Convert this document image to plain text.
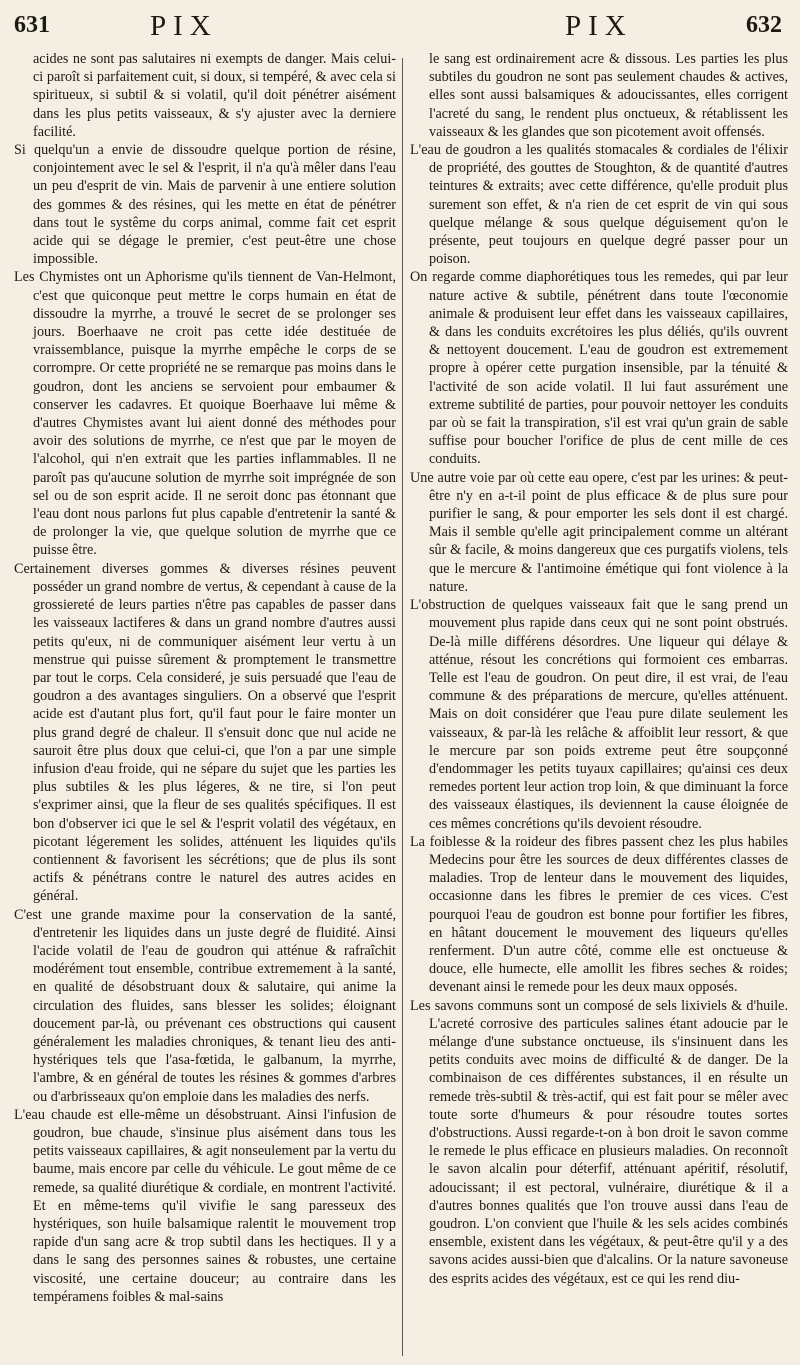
631	PIX	PIX	632

acides ne sont pas salutaires ni exempts de danger. Mais celui-ci paroît si parfaitement cuit, si doux, si tempéré, & avec cela si spiritueux, si subtil & si volatil, qu'il doit pénétrer aisément dans les plus petits vaisseaux, & s'y ajuster avec la derniere facilité.

Si quelqu'un a envie de dissoudre quelque portion de résine, conjointement avec le sel & l'esprit, il n'a qu'à mêler dans l'eau un peu d'esprit de vin. Mais de parvenir à une entiere solution des gommes & des résines, qui les mette en état de pénétrer dans tout le systême du corps animal, comme fait cet esprit acide qui se dégage le premier, c'est peut-être une chose impossible.

Les Chymistes ont un Aphorisme qu'ils tiennent de Van-Helmont, c'est que quiconque peut mettre le corps humain en état de dissoudre la myrrhe, a trouvé le secret de se prolonger ses jours. Boerhaave ne croit pas cette idée destituée de vraissemblance, puisque la myrrhe empêche le corps de se corrompre. Or cette propriété ne se remarque pas moins dans le goudron, dont les anciens se servoient pour embaumer & conserver les cadavres. Et quoique Boerhaave lui même & d'autres Chymistes avant lui aient donné des méthodes pour avoir des solutions de myrrhe, ce n'est que par le moyen de l'alcohol, qui n'en extrait que les parties inflammables. Il ne paroît pas qu'aucune solution de myrrhe soit imprégnée de son sel ou de son esprit acide. Il ne seroit donc pas étonnant que l'eau dont nous parlons fut plus capable d'entretenir la santé & de prolonger la vie, que quelque solution de myrrhe que ce puisse être.

Certainement diverses gommes & diverses résines peuvent posséder un grand nombre de vertus, & cependant à cause de la grossiereté de leurs parties n'être pas capables de passer dans les vaisseaux lactiferes & dans un grand nombre d'autres aussi petits qu'eux, ni de communiquer aisément leur vertu à un menstrue qui puisse sûrement & promptement le transmettre par tout le corps. Cela consideré, je suis persuadé que l'eau de goudron a des avantages singuliers. On a observé que l'esprit acide est d'autant plus fort, qu'il faut pour le faire monter un plus grand degré de chaleur. Il s'ensuit donc que nul acide ne sauroit être plus doux que celui-ci, que l'on a par une simple infusion d'eau froide, qui ne sépare du sujet que les parties les plus subtiles & les plus légeres, & ne tire, si l'on peut s'exprimer ainsi, que la fleur de ses qualités spécifiques. Il est bon d'observer ici que le sel & l'esprit volatil des végétaux, en picotant légerement les solides, atténuent les liquides qu'ils contiennent & favorisent les sécrétions; que de plus ils sont actifs & pénétrans contre le naturel des autres acides en général.

C'est une grande maxime pour la conservation de la santé, d'entretenir les liquides dans un juste degré de fluidité. Ainsi l'acide volatil de l'eau de goudron qui atténue & rafraîchit modérément tout ensemble, contribue extremement à la santé, en qualité de désobstruant doux & salutaire, qui anime la circulation des fluides, sans blesser les solides; éloignant doucement par-là, ou prévenant ces obstructions qui causent généralement les maladies chroniques, & tenant lieu des anti-hystériques tels que l'asa-fœtida, le galbanum, la myrrhe, l'ambre, & en général de toutes les résines & gommes d'arbres ou d'arbrisseaux qu'on emploie dans les maladies des nerfs.

L'eau chaude est elle-même un désobstruant. Ainsi l'infusion de goudron, bue chaude, s'insinue plus aisément dans tous les petits vaisseaux capillaires, & agit nonseulement par la vertu du baume, mais encore par celle du véhicule. Le gout même de ce remede, sa qualité diurétique & cordiale, en montrent l'activité. Et en même-tems qu'il vivifie le sang paresseux des hystériques, son huile balsamique ralentit le mouvement trop rapide d'un sang acre & trop subtil dans les hectiques. Il y a dans le sang des personnes saines & robustes, une certaine viscosité, une certaine douceur; au contraire dans les tempéramens foibles & mal-sains

le sang est ordinairement acre & dissous. Les parties les plus subtiles du goudron ne sont pas seulement chaudes & actives, elles sont aussi balsamiques & adoucissantes, elles corrigent l'acreté du sang, le rendent plus onctueux, & rétablissent les vaisseaux & les glandes que son picotement avoit offensés.

L'eau de goudron a les qualités stomacales & cordiales de l'élixir de propriété, des gouttes de Stoughton, & de quantité d'autres teintures & extraits; avec cette différence, qu'elle produit plus surement son effet, & n'a rien de cet esprit de vin qui sous quelque mélange & sous quelque déguisement qu'on le présente, peut toujours en quelque degré passer pour un poison.

On regarde comme diaphorétiques tous les remedes, qui par leur nature active & subtile, pénétrent dans toute l'œconomie animale & produisent leur effet dans les vaisseaux capillaires, & dans les conduits excrétoires les plus déliés, qu'ils ouvrent & nettoyent doucement. L'eau de goudron est extremement propre à opérer cette purgation insensible, par la ténuité & l'activité de son acide volatil. Il lui faut assurément une extreme subtilité de parties, pour pouvoir nettoyer les conduits par où se fait la transpiration, s'il est vrai qu'un grain de sable suffise pour boucher l'orifice de plus de cent mille de ces conduits.

Une autre voie par où cette eau opere, c'est par les urines: & peut-être n'y en a-t-il point de plus efficace & de plus sure pour purifier le sang, & pour emporter les sels dont il est chargé. Mais il semble qu'elle agit principalement comme un altérant sûr & facile, & moins dangereux que ces purgatifs violens, tels que le mercure & l'antimoine émétique qui font violence à la nature.

L'obstruction de quelques vaisseaux fait que le sang prend un mouvement plus rapide dans ceux qui ne sont point obstrués. De-là mille différens désordres. Une liqueur qui délaye & atténue, résout les concrétions qui formoient ces embarras. Telle est l'eau de goudron. On peut dire, il est vrai, de l'eau commune & des préparations de mercure, qu'elles atténuent. Mais on doit considérer que l'eau pure dilate seulement les vaisseaux, & par-là les relâche & affoiblit leur ressort, & que le mercure par son poids extreme peut être soupçonné d'endommager les petits tuyaux capillaires; qu'ainsi ces deux remedes portent leur action trop loin, & que diminuant la force des vaisseaux élastiques, ils deviennent la cause éloignée de ces mêmes concrétions qu'ils devoient résoudre.

La foiblesse & la roideur des fibres passent chez les plus habiles Medecins pour être les sources de deux différentes classes de maladies. Trop de lenteur dans le mouvement des liquides, occasionne dans les fibres le premier de ces vices. C'est pourquoi l'eau de goudron est bonne pour fortifier les fibres, en hâtant doucement le mouvement des liqueurs qu'elles renferment. D'un autre côté, comme elle est onctueuse & douce, elle humecte, elle amollit les fibres seches & roides; devenant ainsi le remede pour les deux maux opposés.

Les savons communs sont un composé de sels lixiviels & d'huile. L'acreté corrosive des particules salines étant adoucie par le mélange d'une substance onctueuse, ils s'insinuent dans les petits conduits avec moins de difficulté & de danger. De la combinaison de ces différentes substances, il en résulte un remede très-subtil & très-actif, qui est fait pour se mêler avec toute sorte d'humeurs & pour résoudre toutes sortes d'obstructions. Aussi regarde-t-on à bon droit le savon comme le remede le plus efficace en plusieurs maladies. On reconnoît le savon alcalin pour déterfif, atténuant apéritif, résolutif, adoucissant; il est pectoral, vulnéraire, diurétique & il a d'autres bonnes qualités que l'on trouve aussi dans l'eau de goudron. L'on convient que l'huile & les sels acides combinés ensemble, existent dans les végétaux, & peut-être qu'il y a des savons acides aussi-bien que d'alcalins. Or la nature savoneuse des esprits acides des végétaux, est ce qui les rend diu-
